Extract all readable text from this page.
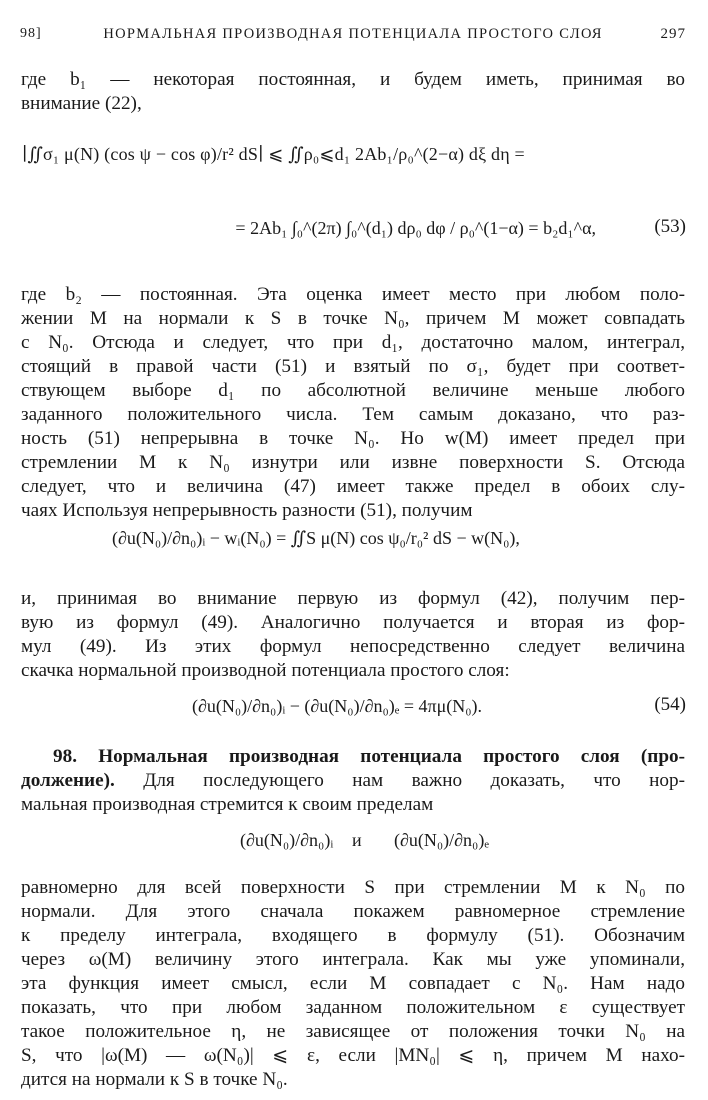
98]	НОРМАЛЬНАЯ ПРОИЗВОДНАЯ ПОТЕНЦИАЛА ПРОСТОГО СЛОЯ	297
где b₁ — некоторая постоянная, и будем иметь, принимая во
внимание (22),
∣∬σ₁ μ(N) (cos ψ − cos φ)/r² dS∣ ⩽ ∬ρ₀⩽d₁ 2Ab₁/ρ₀^(2−α) dξ dη =
= 2Ab₁ ∫₀^(2π) ∫₀^(d₁) dρ₀ dφ / ρ₀^(1−α) = b₂d₁^α,	(53)
где b₂ — постоянная. Эта оценка имеет место при любом поло-
жении M на нормали к S в точке N₀, причем M может совпадать
с N₀. Отсюда и следует, что при d₁, достаточно малом, интеграл,
стоящий в правой части (51) и взятый по σ₁, будет при соответ-
ствующем выборе d₁ по абсолютной величине меньше любого
заданного положительного числа. Тем самым доказано, что раз-
ность (51) непрерывна в точке N₀. Но w(M) имеет предел при
стремлении M к N₀ изнутри или извне поверхности S. Отсюда
следует, что и величина (47) имеет также предел в обоих слу-
чаях Используя непрерывность разности (51), получим
(∂u(N₀)/∂n₀)ᵢ − wᵢ(N₀) = ∬S μ(N) cos ψ₀/r₀² dS − w(N₀),
и, принимая во внимание первую из формул (42), получим пер-
вую из формул (49). Аналогично получается и вторая из фор-
мул (49). Из этих формул непосредственно следует величина
скачка нормальной производной потенциала простого слоя:
(∂u(N₀)/∂n₀)ᵢ − (∂u(N₀)/∂n₀)ₑ = 4πμ(N₀).	(54)
98. Нормальная производная потенциала простого слоя (про-
должение). Для последующего нам важно доказать, что нор-
мальная производная стремится к своим пределам
(∂u(N₀)/∂n₀)ᵢ и (∂u(N₀)/∂n₀)ₑ
равномерно для всей поверхности S при стремлении M к N₀ по
нормали. Для этого сначала покажем равномерное стремление
к пределу интеграла, входящего в формулу (51). Обозначим
через ω(M) величину этого интеграла. Как мы уже упоминали,
эта функция имеет смысл, если M совпадает с N₀. Нам надо
показать, что при любом заданном положительном ε существует
такое положительное η, не зависящее от положения точки N₀ на
S, что |ω(M) — ω(N₀)| ⩽ ε, если |MN₀| ⩽ η, причем M нахо-
дится на нормали к S в точке N₀.
